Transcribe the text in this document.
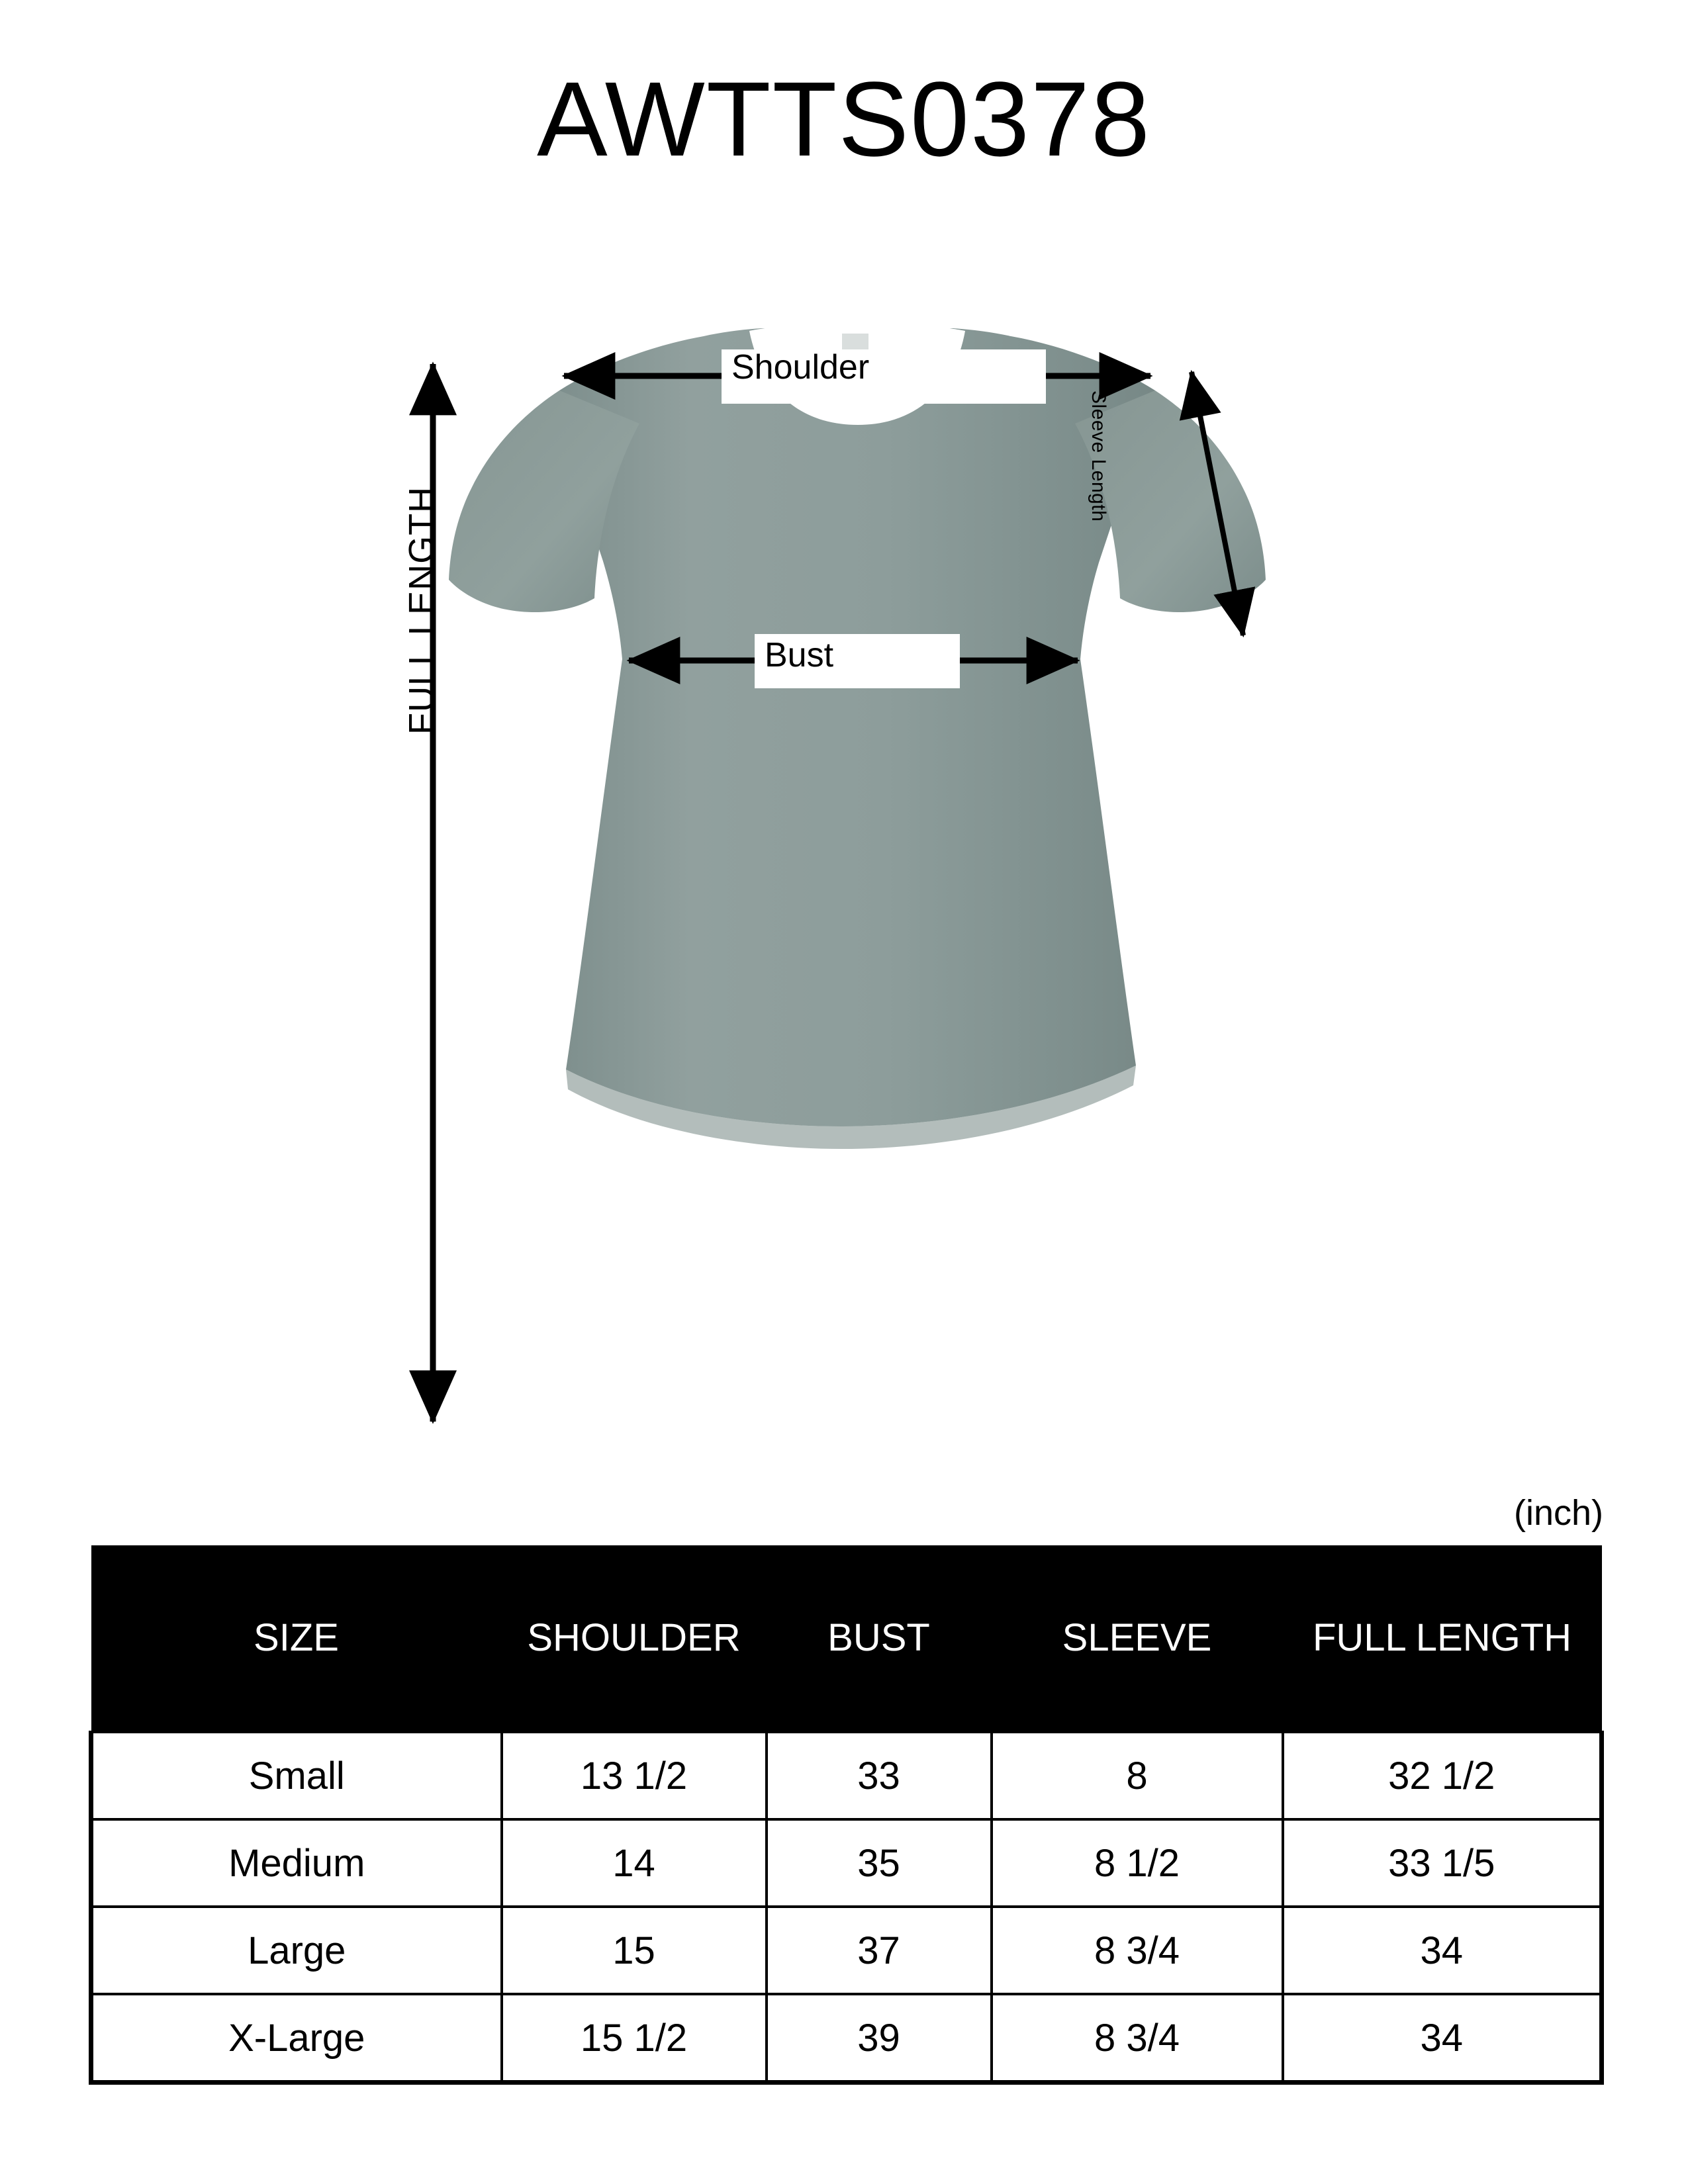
AWTTS0378
Shoulder
Bust
Sleeve Length
FULL LENGTH
(inch)
SIZE	SHOULDER	BUST	SLEEVE	FULL LENGTH
Small	13 1/2	33	8	32 1/2
Medium	14	35	8 1/2	33 1/5
Large	15	37	8 3/4	34
X-Large	15 1/2	39	8 3/4	34
